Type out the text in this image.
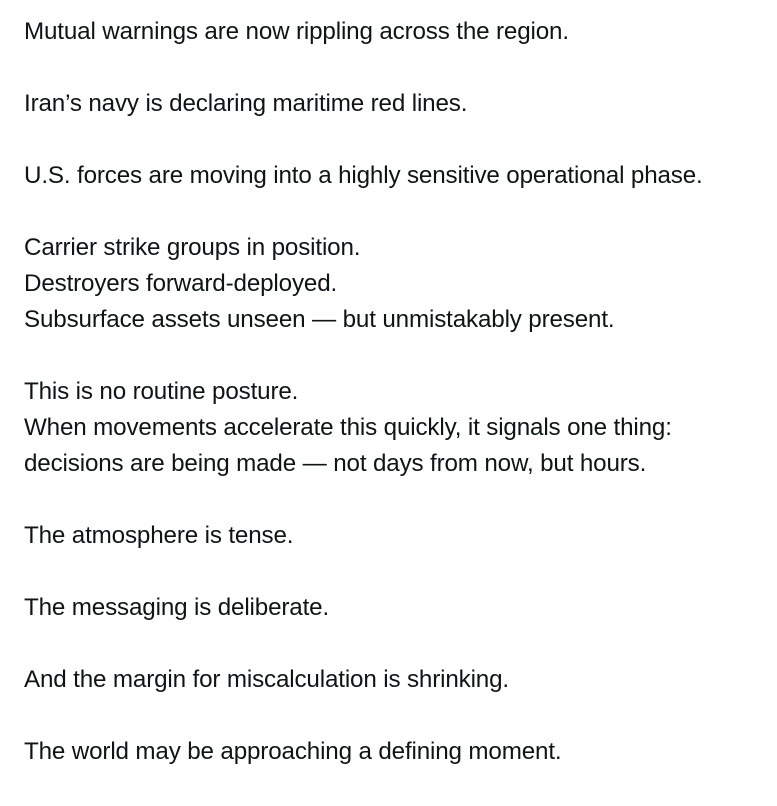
Mutual warnings are now rippling across the region.

Iran’s navy is declaring maritime red lines.

U.S. forces are moving into a highly sensitive operational phase.

Carrier strike groups in position.
Destroyers forward-deployed.
Subsurface assets unseen — but unmistakably present.

This is no routine posture.
When movements accelerate this quickly, it signals one thing:
decisions are being made — not days from now, but hours.

The atmosphere is tense.

The messaging is deliberate.

And the margin for miscalculation is shrinking.

The world may be approaching a defining moment.
